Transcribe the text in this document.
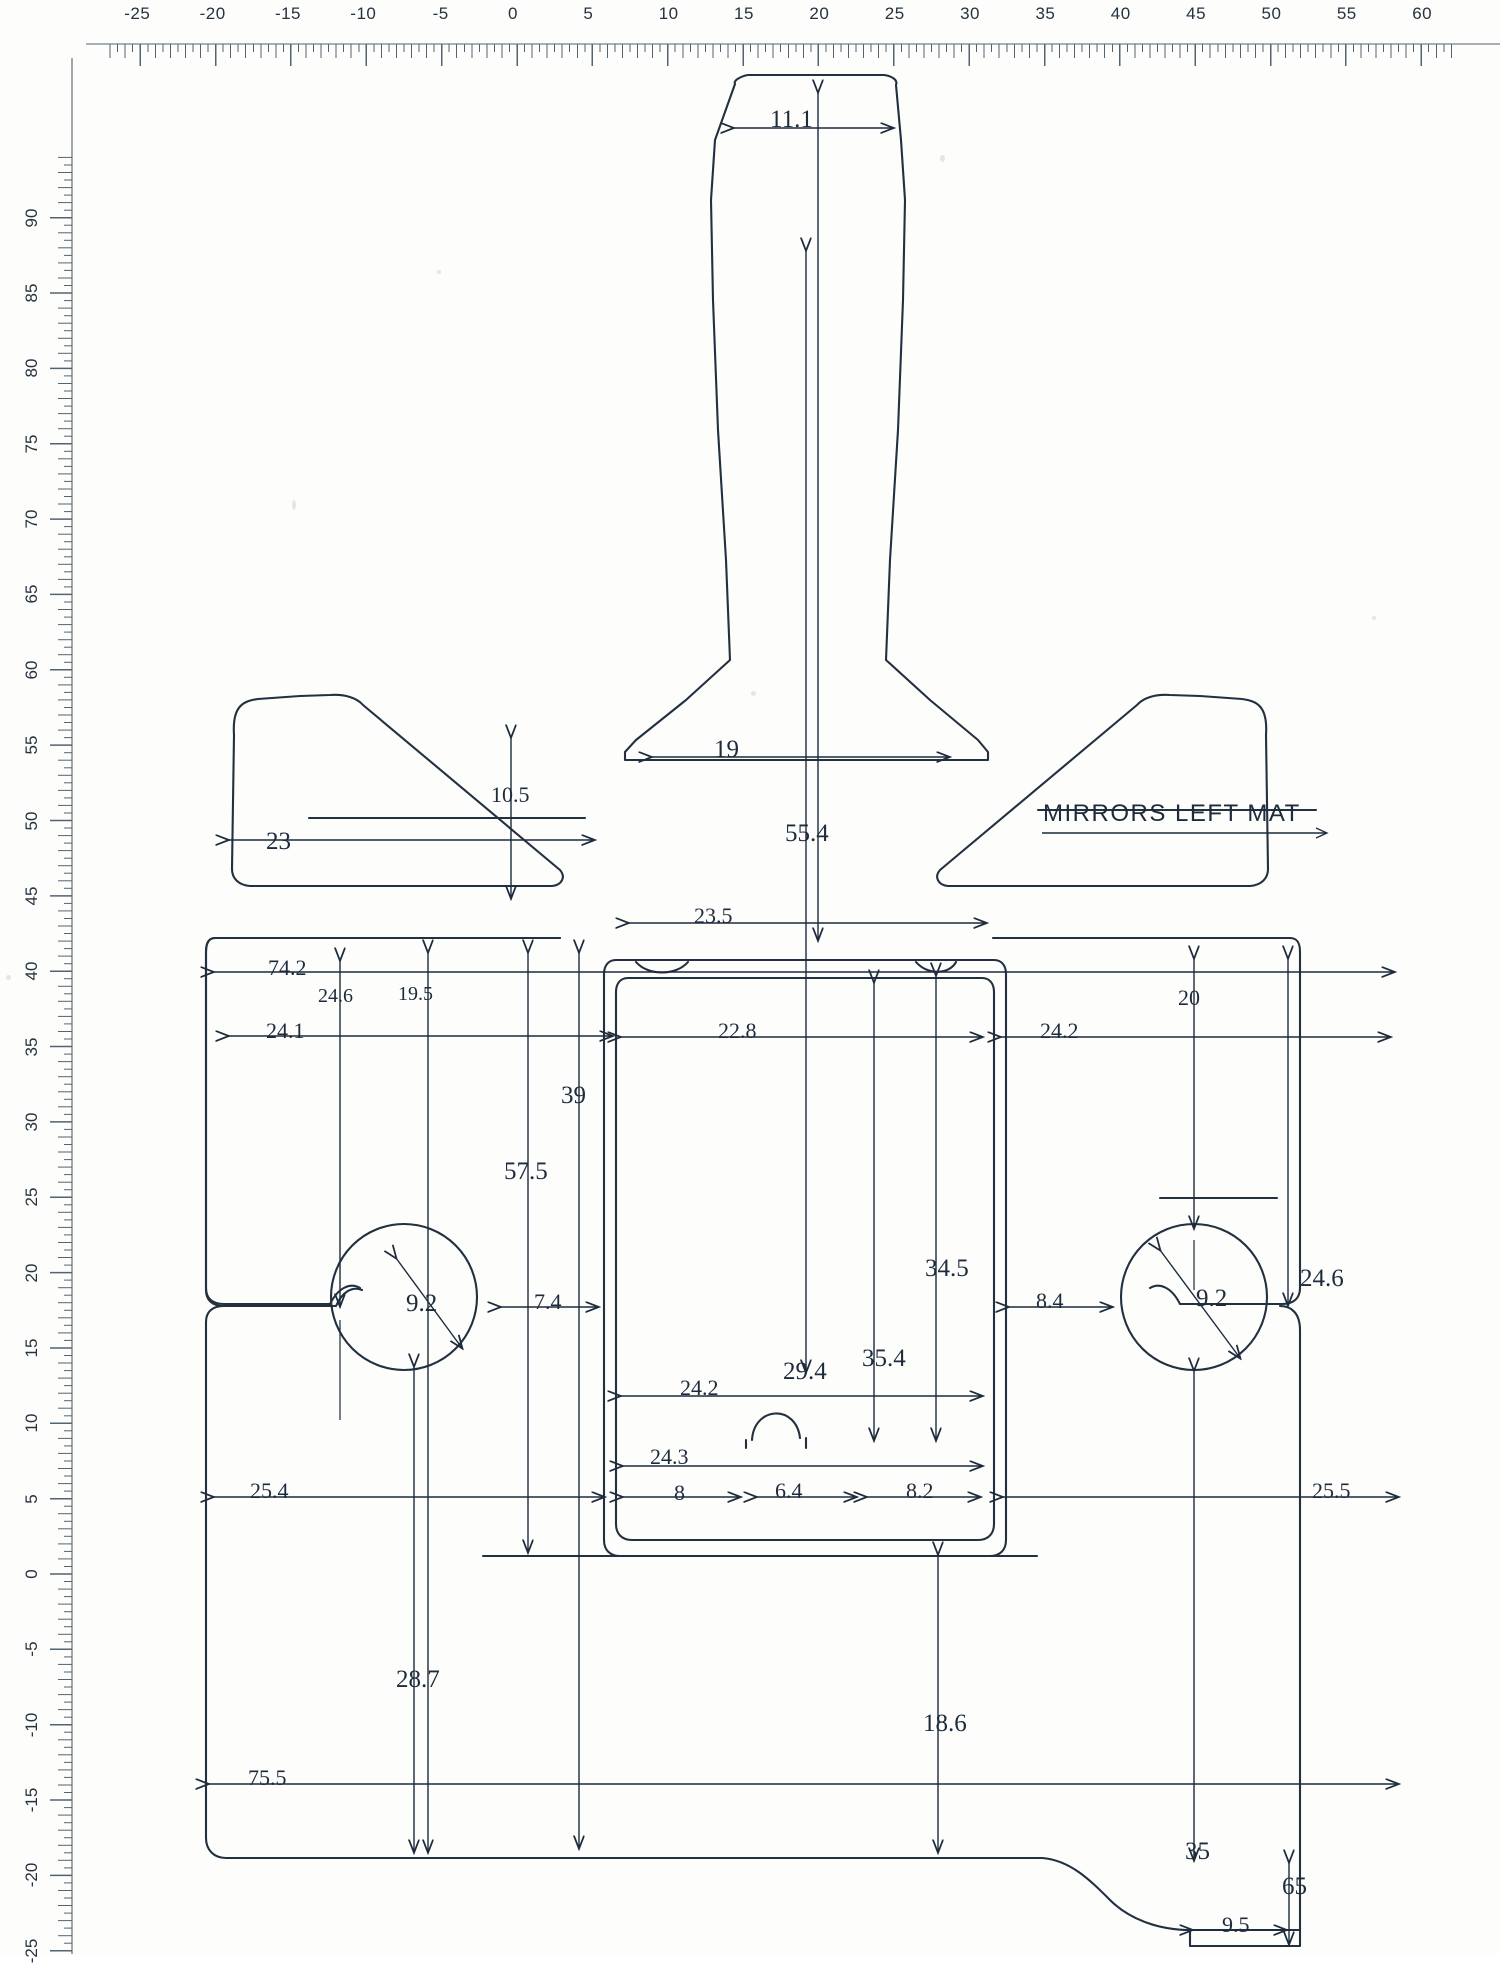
-25	-20	-15	-10	-5	0	5	10	15	20	25	30	35	40	45	50	55	60
90
85
80
75
70
65
60
55
50
45
40
35
30
25
20
15
10
5
0
-5
-10
-15
-20
-25
11.1
19
55.4
23.5
10.5
23
74.2
24.6 19.5
24.1	22.8	24.2
20
39
57.5
9.2	7.4
34.5
35.4
8.4	9.2
24.6
24.2
29.4
24.3
8	6.4	8.2
25.4	25.5
28.7
18.6
75.5
35
65
9.5
MIRRORS LEFT MAT
